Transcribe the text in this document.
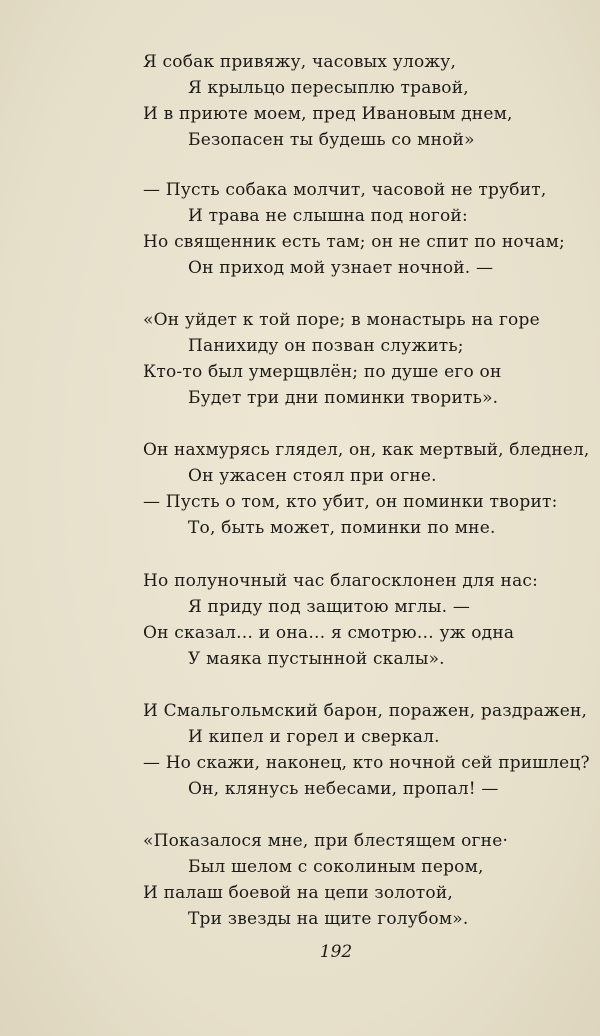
Я собак привяжу, часовых уложу,
Я крыльцо пересыплю травой,
И в приюте моем, пред Ивановым днем,
Безопасен ты будешь со мной»
— Пусть собака молчит, часовой не трубит,
И трава не слышна под ногой:
Но священник есть там; он не спит по ночам;
Он приход мой узнает ночной. —
«Он уйдет к той поре; в монастырь на горе
Панихиду он позван служить;
Кто-то был умерщвлён; по душе его он
Будет три дни поминки творить».
Он нахмурясь глядел, он, как мертвый, бледнел,
Он ужасен стоял при огне.
— Пусть о том, кто убит, он поминки творит:
То, быть может, поминки по мне.
Но полуночный час благосклонен для нас:
Я приду под защитою мглы. —
Он сказал… и она… я смотрю… уж одна
У маяка пустынной скалы».
И Смальгольмский барон, поражен, раздражен,
И кипел и горел и сверкал.
— Но скажи, наконец, кто ночной сей пришлец?
Он, клянусь небесами, пропал! —
«Показалося мне, при блестящем огне·
Был шелом с соколиным пером,
И палаш боевой на цепи золотой,
Три звезды на щите голубом».
192
